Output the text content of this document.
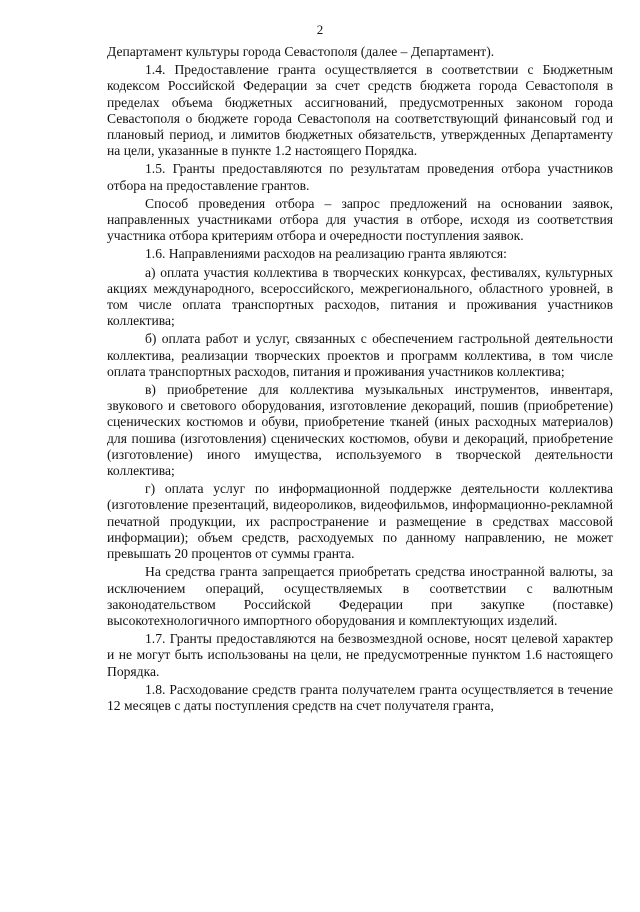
2

Департамент культуры города Севастополя (далее – Департамент).

1.4. Предоставление гранта осуществляется в соответствии с Бюджетным кодексом Российской Федерации за счет средств бюджета города Севастополя в пределах объема бюджетных ассигнований, предусмотренных законом города Севастополя о бюджете города Севастополя на соответствующий финансовый год и плановый период, и лимитов бюджетных обязательств, утвержденных Департаменту на цели, указанные в пункте 1.2 настоящего Порядка.

1.5. Гранты предоставляются по результатам проведения отбора участников отбора на предоставление грантов.

Способ проведения отбора – запрос предложений на основании заявок, направленных участниками отбора для участия в отборе, исходя из соответствия участника отбора критериям отбора и очередности поступления заявок.

1.6. Направлениями расходов на реализацию гранта являются:

а) оплата участия коллектива в творческих конкурсах, фестивалях, культурных акциях международного, всероссийского, межрегионального, областного уровней, в том числе оплата транспортных расходов, питания и проживания участников коллектива;

б) оплата работ и услуг, связанных с обеспечением гастрольной деятельности коллектива, реализации творческих проектов и программ коллектива, в том числе оплата транспортных расходов, питания и проживания участников коллектива;

в) приобретение для коллектива музыкальных инструментов, инвентаря, звукового и светового оборудования, изготовление декораций, пошив (приобретение) сценических костюмов и обуви, приобретение тканей (иных расходных материалов) для пошива (изготовления) сценических костюмов, обуви и декораций, приобретение (изготовление) иного имущества, используемого в творческой деятельности коллектива;

г) оплата услуг по информационной поддержке деятельности коллектива (изготовление презентаций, видеороликов, видеофильмов, информационно-рекламной печатной продукции, их распространение и размещение в средствах массовой информации); объем средств, расходуемых по данному направлению, не может превышать 20 процентов от суммы гранта.

На средства гранта запрещается приобретать средства иностранной валюты, за исключением операций, осуществляемых в соответствии с валютным законодательством Российской Федерации при закупке (поставке) высокотехнологичного импортного оборудования и комплектующих изделий.

1.7. Гранты предоставляются на безвозмездной основе, носят целевой характер и не могут быть использованы на цели, не предусмотренные пунктом 1.6 настоящего Порядка.

1.8. Расходование средств гранта получателем гранта осуществляется в течение 12 месяцев с даты поступления средств на счет получателя гранта,
